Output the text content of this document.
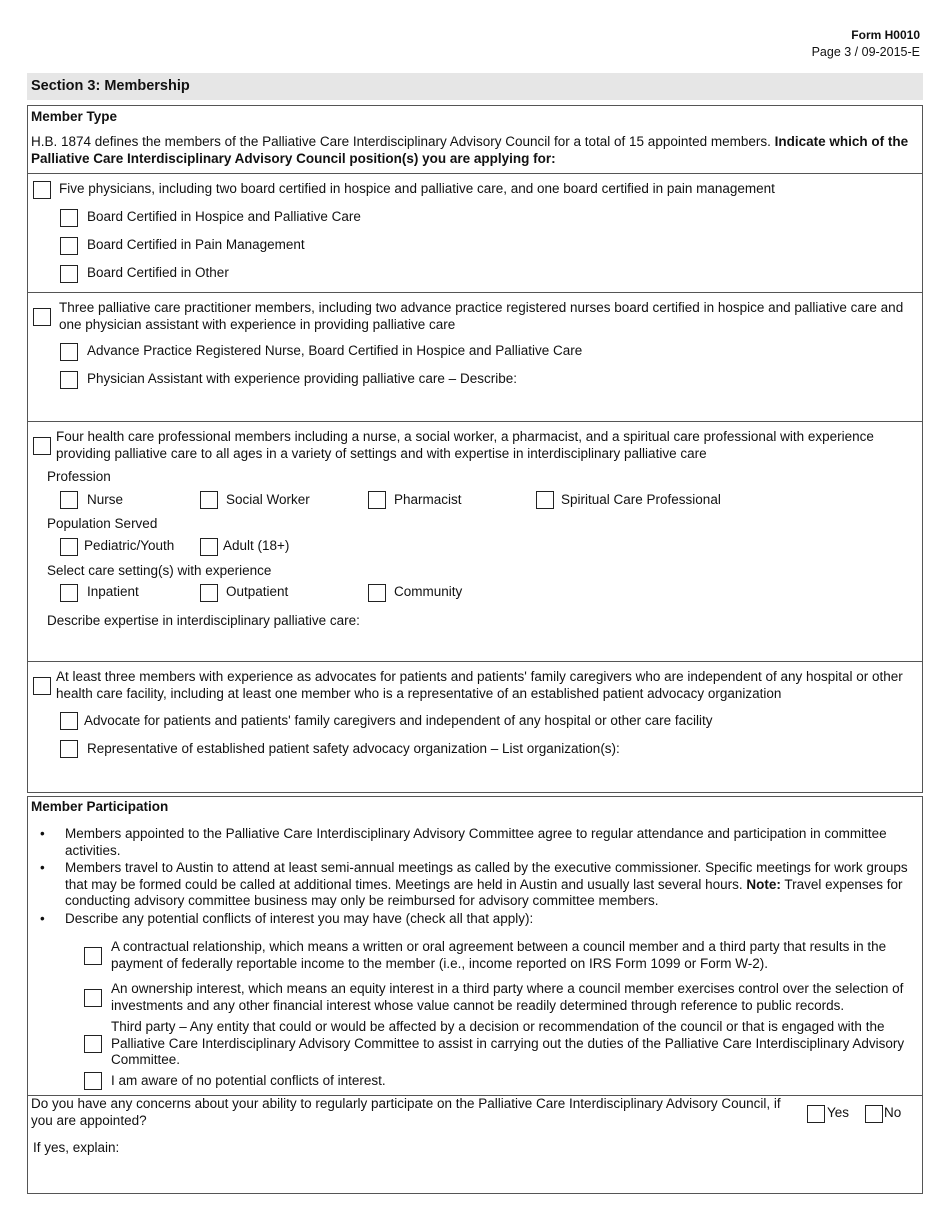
Form H0010
Page 3 / 09-2015-E
Section 3: Membership
Member Type
H.B. 1874 defines the members of the Palliative Care Interdisciplinary Advisory Council for a total of 15 appointed members. Indicate which of the Palliative Care Interdisciplinary Advisory Council position(s) you are applying for:
Five physicians, including two board certified in hospice and palliative care, and one board certified in pain management
Board Certified in Hospice and Palliative Care
Board Certified in Pain Management
Board Certified in Other
Three palliative care practitioner members, including two advance practice registered nurses board certified in hospice and palliative care and one physician assistant with experience in providing palliative care
Advance Practice Registered Nurse, Board Certified in Hospice and Palliative Care
Physician Assistant with experience providing palliative care – Describe:
Four health care professional members including a nurse, a social worker, a pharmacist, and a spiritual care professional with experience providing palliative care to all ages in a variety of settings and with expertise in interdisciplinary palliative care
Profession
Nurse	Social Worker	Pharmacist	Spiritual Care Professional
Population Served
Pediatric/Youth	Adult (18+)
Select care setting(s) with experience
Inpatient	Outpatient	Community
Describe expertise in interdisciplinary palliative care:
At least three members with experience as advocates for patients and patients' family caregivers who are independent of any hospital or other health care facility, including at least one member who is a representative of an established patient advocacy organization
Advocate for patients and patients' family caregivers and independent of any hospital or other care facility
Representative of established patient safety advocacy organization – List organization(s):
Member Participation
• Members appointed to the Palliative Care Interdisciplinary Advisory Committee agree to regular attendance and participation in committee activities.
• Members travel to Austin to attend at least semi-annual meetings as called by the executive commissioner. Specific meetings for work groups that may be formed could be called at additional times. Meetings are held in Austin and usually last several hours. Note: Travel expenses for conducting advisory committee business may only be reimbursed for advisory committee members.
• Describe any potential conflicts of interest you may have (check all that apply):
A contractual relationship, which means a written or oral agreement between a council member and a third party that results in the payment of federally reportable income to the member (i.e., income reported on IRS Form 1099 or Form W-2).
An ownership interest, which means an equity interest in a third party where a council member exercises control over the selection of investments and any other financial interest whose value cannot be readily determined through reference to public records.
Third party – Any entity that could or would be affected by a decision or recommendation of the council or that is engaged with the Palliative Care Interdisciplinary Advisory Committee to assist in carrying out the duties of the Palliative Care Interdisciplinary Advisory Committee.
I am aware of no potential conflicts of interest.
Do you have any concerns about your ability to regularly participate on the Palliative Care Interdisciplinary Advisory Council, if you are appointed?	Yes	No
If yes, explain:
